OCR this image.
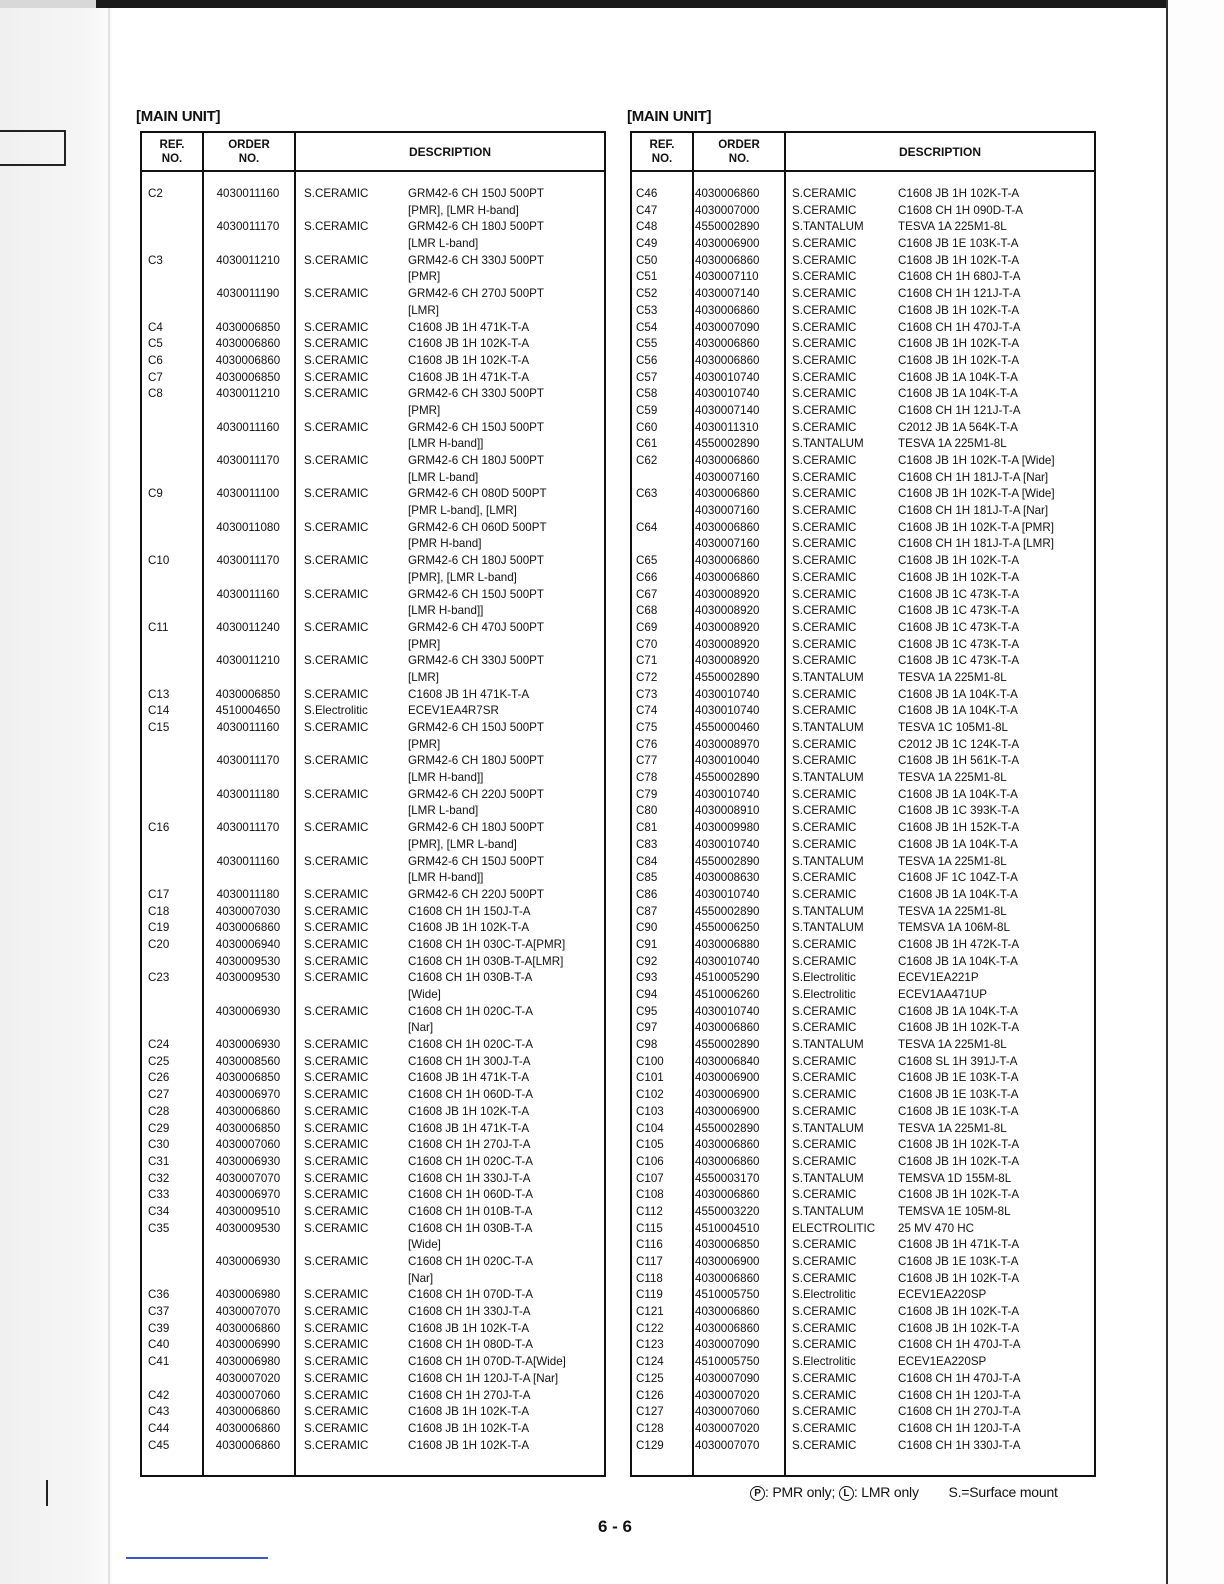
[MAIN UNIT]
REF.
NO.
ORDER
NO.	DESCRIPTION
C2	4030011160	S.CERAMIC	GRM42-6 CH 150J 500PT
[PMR], [LMR H-band]
4030011170	S.CERAMIC	GRM42-6 CH 180J 500PT
[LMR L-band]
C3	4030011210	S.CERAMIC	GRM42-6 CH 330J 500PT
[PMR]
4030011190	S.CERAMIC	GRM42-6 CH 270J 500PT
[LMR]
C4	4030006850	S.CERAMIC	C1608 JB 1H 471K-T-A
C5	4030006860	S.CERAMIC	C1608 JB 1H 102K-T-A
C6	4030006860	S.CERAMIC	C1608 JB 1H 102K-T-A
C7	4030006850	S.CERAMIC	C1608 JB 1H 471K-T-A
C8	4030011210	S.CERAMIC	GRM42-6 CH 330J 500PT
[PMR]
4030011160	S.CERAMIC	GRM42-6 CH 150J 500PT
[LMR H-band]]
4030011170	S.CERAMIC	GRM42-6 CH 180J 500PT
[LMR L-band]
C9	4030011100	S.CERAMIC	GRM42-6 CH 080D 500PT
[PMR L-band], [LMR]
4030011080	S.CERAMIC	GRM42-6 CH 060D 500PT
[PMR H-band]
C10	4030011170	S.CERAMIC	GRM42-6 CH 180J 500PT
[PMR], [LMR L-band]
4030011160	S.CERAMIC	GRM42-6 CH 150J 500PT
[LMR H-band]]
C11	4030011240	S.CERAMIC	GRM42-6 CH 470J 500PT
[PMR]
4030011210	S.CERAMIC	GRM42-6 CH 330J 500PT
[LMR]
C13	4030006850	S.CERAMIC	C1608 JB 1H 471K-T-A
C14	4510004650	S.Electrolitic	ECEV1EA4R7SR
C15	4030011160	S.CERAMIC	GRM42-6 CH 150J 500PT
[PMR]
4030011170	S.CERAMIC	GRM42-6 CH 180J 500PT
[LMR H-band]]
4030011180	S.CERAMIC	GRM42-6 CH 220J 500PT
[LMR L-band]
C16	4030011170	S.CERAMIC	GRM42-6 CH 180J 500PT
[PMR], [LMR L-band]
4030011160	S.CERAMIC	GRM42-6 CH 150J 500PT
[LMR H-band]]
C17	4030011180	S.CERAMIC	GRM42-6 CH 220J 500PT
C18	4030007030	S.CERAMIC	C1608 CH 1H 150J-T-A
C19	4030006860	S.CERAMIC	C1608 JB 1H 102K-T-A
C20	4030006940	S.CERAMIC	C1608 CH 1H 030C-T-A[PMR]
4030009530	S.CERAMIC	C1608 CH 1H 030B-T-A[LMR]
C23	4030009530	S.CERAMIC	C1608 CH 1H 030B-T-A
[Wide]
4030006930	S.CERAMIC	C1608 CH 1H 020C-T-A
[Nar]
C24	4030006930	S.CERAMIC	C1608 CH 1H 020C-T-A
C25	4030008560	S.CERAMIC	C1608 CH 1H 300J-T-A
C26	4030006850	S.CERAMIC	C1608 JB 1H 471K-T-A
C27	4030006970	S.CERAMIC	C1608 CH 1H 060D-T-A
C28	4030006860	S.CERAMIC	C1608 JB 1H 102K-T-A
C29	4030006850	S.CERAMIC	C1608 JB 1H 471K-T-A
C30	4030007060	S.CERAMIC	C1608 CH 1H 270J-T-A
C31	4030006930	S.CERAMIC	C1608 CH 1H 020C-T-A
C32	4030007070	S.CERAMIC	C1608 CH 1H 330J-T-A
C33	4030006970	S.CERAMIC	C1608 CH 1H 060D-T-A
C34	4030009510	S.CERAMIC	C1608 CH 1H 010B-T-A
C35	4030009530	S.CERAMIC	C1608 CH 1H 030B-T-A
[Wide]
4030006930	S.CERAMIC	C1608 CH 1H 020C-T-A
[Nar]
C36	4030006980	S.CERAMIC	C1608 CH 1H 070D-T-A
C37	4030007070	S.CERAMIC	C1608 CH 1H 330J-T-A
C39	4030006860	S.CERAMIC	C1608 JB 1H 102K-T-A
C40	4030006990	S.CERAMIC	C1608 CH 1H 080D-T-A
C41	4030006980	S.CERAMIC	C1608 CH 1H 070D-T-A[Wide]
4030007020	S.CERAMIC	C1608 CH 1H 120J-T-A [Nar]
C42	4030007060	S.CERAMIC	C1608 CH 1H 270J-T-A
C43	4030006860	S.CERAMIC	C1608 JB 1H 102K-T-A
C44	4030006860	S.CERAMIC	C1608 JB 1H 102K-T-A
C45	4030006860	S.CERAMIC	C1608 JB 1H 102K-T-A
[MAIN UNIT]
REF.
NO.
ORDER
NO.	DESCRIPTION
C46	4030006860	S.CERAMIC	C1608 JB 1H 102K-T-A
C47	4030007000	S.CERAMIC	C1608 CH 1H 090D-T-A
C48	4550002890	S.TANTALUM	TESVA 1A 225M1-8L
C49	4030006900	S.CERAMIC	C1608 JB 1E 103K-T-A
C50	4030006860	S.CERAMIC	C1608 JB 1H 102K-T-A
C51	4030007110	S.CERAMIC	C1608 CH 1H 680J-T-A
C52	4030007140	S.CERAMIC	C1608 CH 1H 121J-T-A
C53	4030006860	S.CERAMIC	C1608 JB 1H 102K-T-A
C54	4030007090	S.CERAMIC	C1608 CH 1H 470J-T-A
C55	4030006860	S.CERAMIC	C1608 JB 1H 102K-T-A
C56	4030006860	S.CERAMIC	C1608 JB 1H 102K-T-A
C57	4030010740	S.CERAMIC	C1608 JB 1A 104K-T-A
C58	4030010740	S.CERAMIC	C1608 JB 1A 104K-T-A
C59	4030007140	S.CERAMIC	C1608 CH 1H 121J-T-A
C60	4030011310	S.CERAMIC	C2012 JB 1A 564K-T-A
C61	4550002890	S.TANTALUM	TESVA 1A 225M1-8L
C62	4030006860	S.CERAMIC	C1608 JB 1H 102K-T-A [Wide]
4030007160	S.CERAMIC	C1608 CH 1H 181J-T-A [Nar]
C63	4030006860	S.CERAMIC	C1608 JB 1H 102K-T-A [Wide]
4030007160	S.CERAMIC	C1608 CH 1H 181J-T-A [Nar]
C64	4030006860	S.CERAMIC	C1608 JB 1H 102K-T-A [PMR]
4030007160	S.CERAMIC	C1608 CH 1H 181J-T-A [LMR]
C65	4030006860	S.CERAMIC	C1608 JB 1H 102K-T-A
C66	4030006860	S.CERAMIC	C1608 JB 1H 102K-T-A
C67	4030008920	S.CERAMIC	C1608 JB 1C 473K-T-A
C68	4030008920	S.CERAMIC	C1608 JB 1C 473K-T-A
C69	4030008920	S.CERAMIC	C1608 JB 1C 473K-T-A
C70	4030008920	S.CERAMIC	C1608 JB 1C 473K-T-A
C71	4030008920	S.CERAMIC	C1608 JB 1C 473K-T-A
C72	4550002890	S.TANTALUM	TESVA 1A 225M1-8L
C73	4030010740	S.CERAMIC	C1608 JB 1A 104K-T-A
C74	4030010740	S.CERAMIC	C1608 JB 1A 104K-T-A
C75	4550000460	S.TANTALUM	TESVA 1C 105M1-8L
C76	4030008970	S.CERAMIC	C2012 JB 1C 124K-T-A
C77	4030010040	S.CERAMIC	C1608 JB 1H 561K-T-A
C78	4550002890	S.TANTALUM	TESVA 1A 225M1-8L
C79	4030010740	S.CERAMIC	C1608 JB 1A 104K-T-A
C80	4030008910	S.CERAMIC	C1608 JB 1C 393K-T-A
C81	4030009980	S.CERAMIC	C1608 JB 1H 152K-T-A
C83	4030010740	S.CERAMIC	C1608 JB 1A 104K-T-A
C84	4550002890	S.TANTALUM	TESVA 1A 225M1-8L
C85	4030008630	S.CERAMIC	C1608 JF 1C 104Z-T-A
C86	4030010740	S.CERAMIC	C1608 JB 1A 104K-T-A
C87	4550002890	S.TANTALUM	TESVA 1A 225M1-8L
C90	4550006250	S.TANTALUM	TEMSVA 1A 106M-8L
C91	4030006880	S.CERAMIC	C1608 JB 1H 472K-T-A
C92	4030010740	S.CERAMIC	C1608 JB 1A 104K-T-A
C93	4510005290	S.Electrolitic	ECEV1EA221P
C94	4510006260	S.Electrolitic	ECEV1AA471UP
C95	4030010740	S.CERAMIC	C1608 JB 1A 104K-T-A
C97	4030006860	S.CERAMIC	C1608 JB 1H 102K-T-A
C98	4550002890	S.TANTALUM	TESVA 1A 225M1-8L
C100	4030006840	S.CERAMIC	C1608 SL 1H 391J-T-A
C101	4030006900	S.CERAMIC	C1608 JB 1E 103K-T-A
C102	4030006900	S.CERAMIC	C1608 JB 1E 103K-T-A
C103	4030006900	S.CERAMIC	C1608 JB 1E 103K-T-A
C104	4550002890	S.TANTALUM	TESVA 1A 225M1-8L
C105	4030006860	S.CERAMIC	C1608 JB 1H 102K-T-A
C106	4030006860	S.CERAMIC	C1608 JB 1H 102K-T-A
C107	4550003170	S.TANTALUM	TEMSVA 1D 155M-8L
C108	4030006860	S.CERAMIC	C1608 JB 1H 102K-T-A
C112	4550003220	S.TANTALUM	TEMSVA 1E 105M-8L
C115	4510004510	ELECTROLITIC 25 MV 470 HC
C116	4030006850	S.CERAMIC	C1608 JB 1H 471K-T-A
C117	4030006900	S.CERAMIC	C1608 JB 1E 103K-T-A
C118	4030006860	S.CERAMIC	C1608 JB 1H 102K-T-A
C119	4510005750	S.Electrolitic	ECEV1EA220SP
C121	4030006860	S.CERAMIC	C1608 JB 1H 102K-T-A
C122	4030006860	S.CERAMIC	C1608 JB 1H 102K-T-A
C123	4030007090	S.CERAMIC	C1608 CH 1H 470J-T-A
C124	4510005750	S.Electrolitic	ECEV1EA220SP
C125	4030007090	S.CERAMIC	C1608 CH 1H 470J-T-A
C126	4030007020	S.CERAMIC	C1608 CH 1H 120J-T-A
C127	4030007060	S.CERAMIC	C1608 CH 1H 270J-T-A
C128	4030007020	S.CERAMIC	C1608 CH 1H 120J-T-A
C129	4030007070	S.CERAMIC	C1608 CH 1H 330J-T-A
P : PMR only; L : LMR only S.=Surface mount
6 - 6
